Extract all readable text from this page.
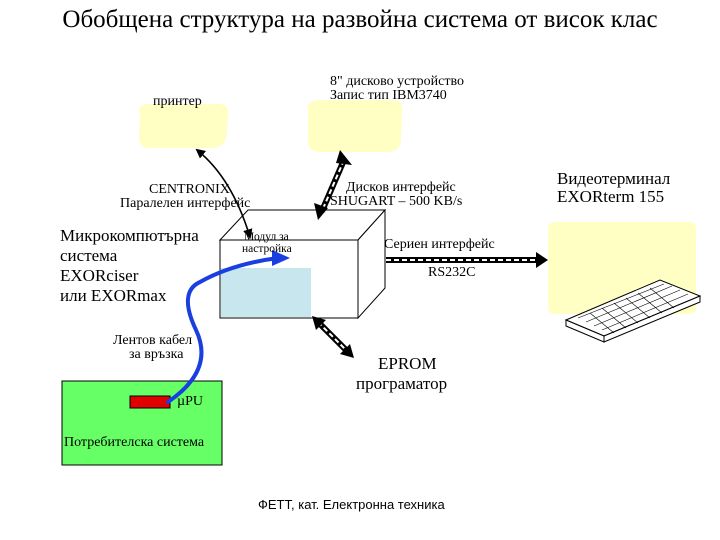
Обобщена структура на развойна система от висок клас
принтер
8" дисково устройство
Запис тип IBM3740
CENTRONIX
Паралелен интерфейс
Дисков интерфейс
SHUGART – 500 KB/s
Видеотерминал
EXORterm 155
Микрокомпютърна
система
EXORciser
или EXORmax
Модул за
настройка	Сериен интерфейс
RS232C
Лентов кабел
за връзка	EPROM
програматор
µPU
Потребителска система
ФЕТТ, кат. Електронна техника
